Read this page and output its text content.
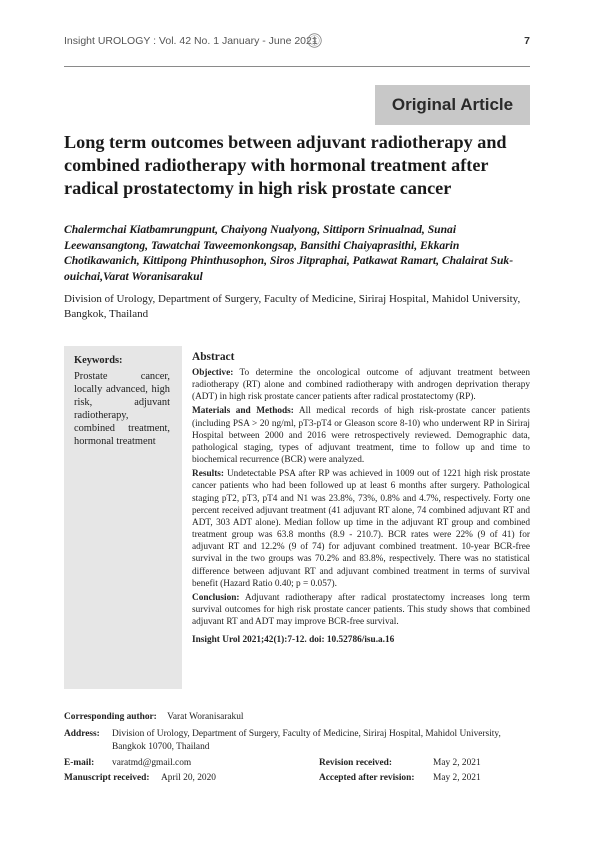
Insight UROLOGY : Vol. 42 No. 1 January - June 2021	7
Original Article
Long term outcomes between adjuvant radiotherapy and combined radiotherapy with hormonal treatment after radical prostatectomy in high risk prostate cancer
Chalermchai Kiatbamrungpunt, Chaiyong Nualyong, Sittiporn Srinualnad, Sunai Leewansangtong, Tawatchai Taweemonkongsap, Bansithi Chaiyaprasithi, Ekkarin Chotikawanich, Kittipong Phinthusophon, Siros Jitpraphai, Patkawat Ramart, Chalairat Suk-ouichai,Varat Woranisarakul
Division of Urology, Department of Surgery, Faculty of Medicine, Siriraj Hospital, Mahidol University, Bangkok, Thailand
Keywords:
Prostate cancer, locally advanced, high risk, adjuvant radiotherapy, combined treatment, hormonal treatment
Abstract

Objective: To determine the oncological outcome of adjuvant treatment between radiotherapy (RT) alone and combined radiotherapy with androgen deprivation therapy (ADT) in high risk prostate cancer patients after radical prostatectomy (RP).

Materials and Methods: All medical records of high risk-prostate cancer patients (including PSA > 20 ng/ml, pT3-pT4 or Gleason score 8-10) who underwent RP in Siriraj Hospital between 2000 and 2016 were retrospectively reviewed. Demographic data, pathological staging, types of adjuvant treatment, time to follow up and time to biochemical recurrence (BCR) were analyzed.

Results: Undetectable PSA after RP was achieved in 1009 out of 1221 high risk prostate cancer patients who had been followed up at least 6 months after surgery. Pathological staging pT2, pT3, pT4 and N1 was 23.8%, 73%, 0.8% and 4.7%, respectively. Forty one percent received adjuvant treatment (41 adjuvant RT alone, 74 combined adjuvant RT and ADT, 303 ADT alone). Median follow up time in the adjuvant RT group and combined treatment group was 63.8 months (8.9 - 210.7). BCR rates were 22% (9 of 41) for adjuvant RT and 12.2% (9 of 74) for adjuvant combined treatment. 10-year BCR-free survival in the two groups was 70.2% and 83.8%, respectively. There was no statistical difference between adjuvant RT and adjuvant combined treatment in terms of survival benefit (Hazard Ratio 0.40; p = 0.057).

Conclusion: Adjuvant radiotherapy after radical prostatectomy increases long term survival outcomes for high risk prostate cancer patients. This study shows that combined adjuvant RT and ADT may improve BCR-free survival.

Insight Urol 2021;42(1):7-12. doi: 10.52786/isu.a.16
Corresponding author: Varat Woranisarakul
Address: Division of Urology, Department of Surgery, Faculty of Medicine, Siriraj Hospital, Mahidol University, Bangkok 10700, Thailand
E-mail: varatmd@gmail.com	Revision received:	May 2, 2021
Manuscript received: April 20, 2020	Accepted after revision: May 2, 2021
